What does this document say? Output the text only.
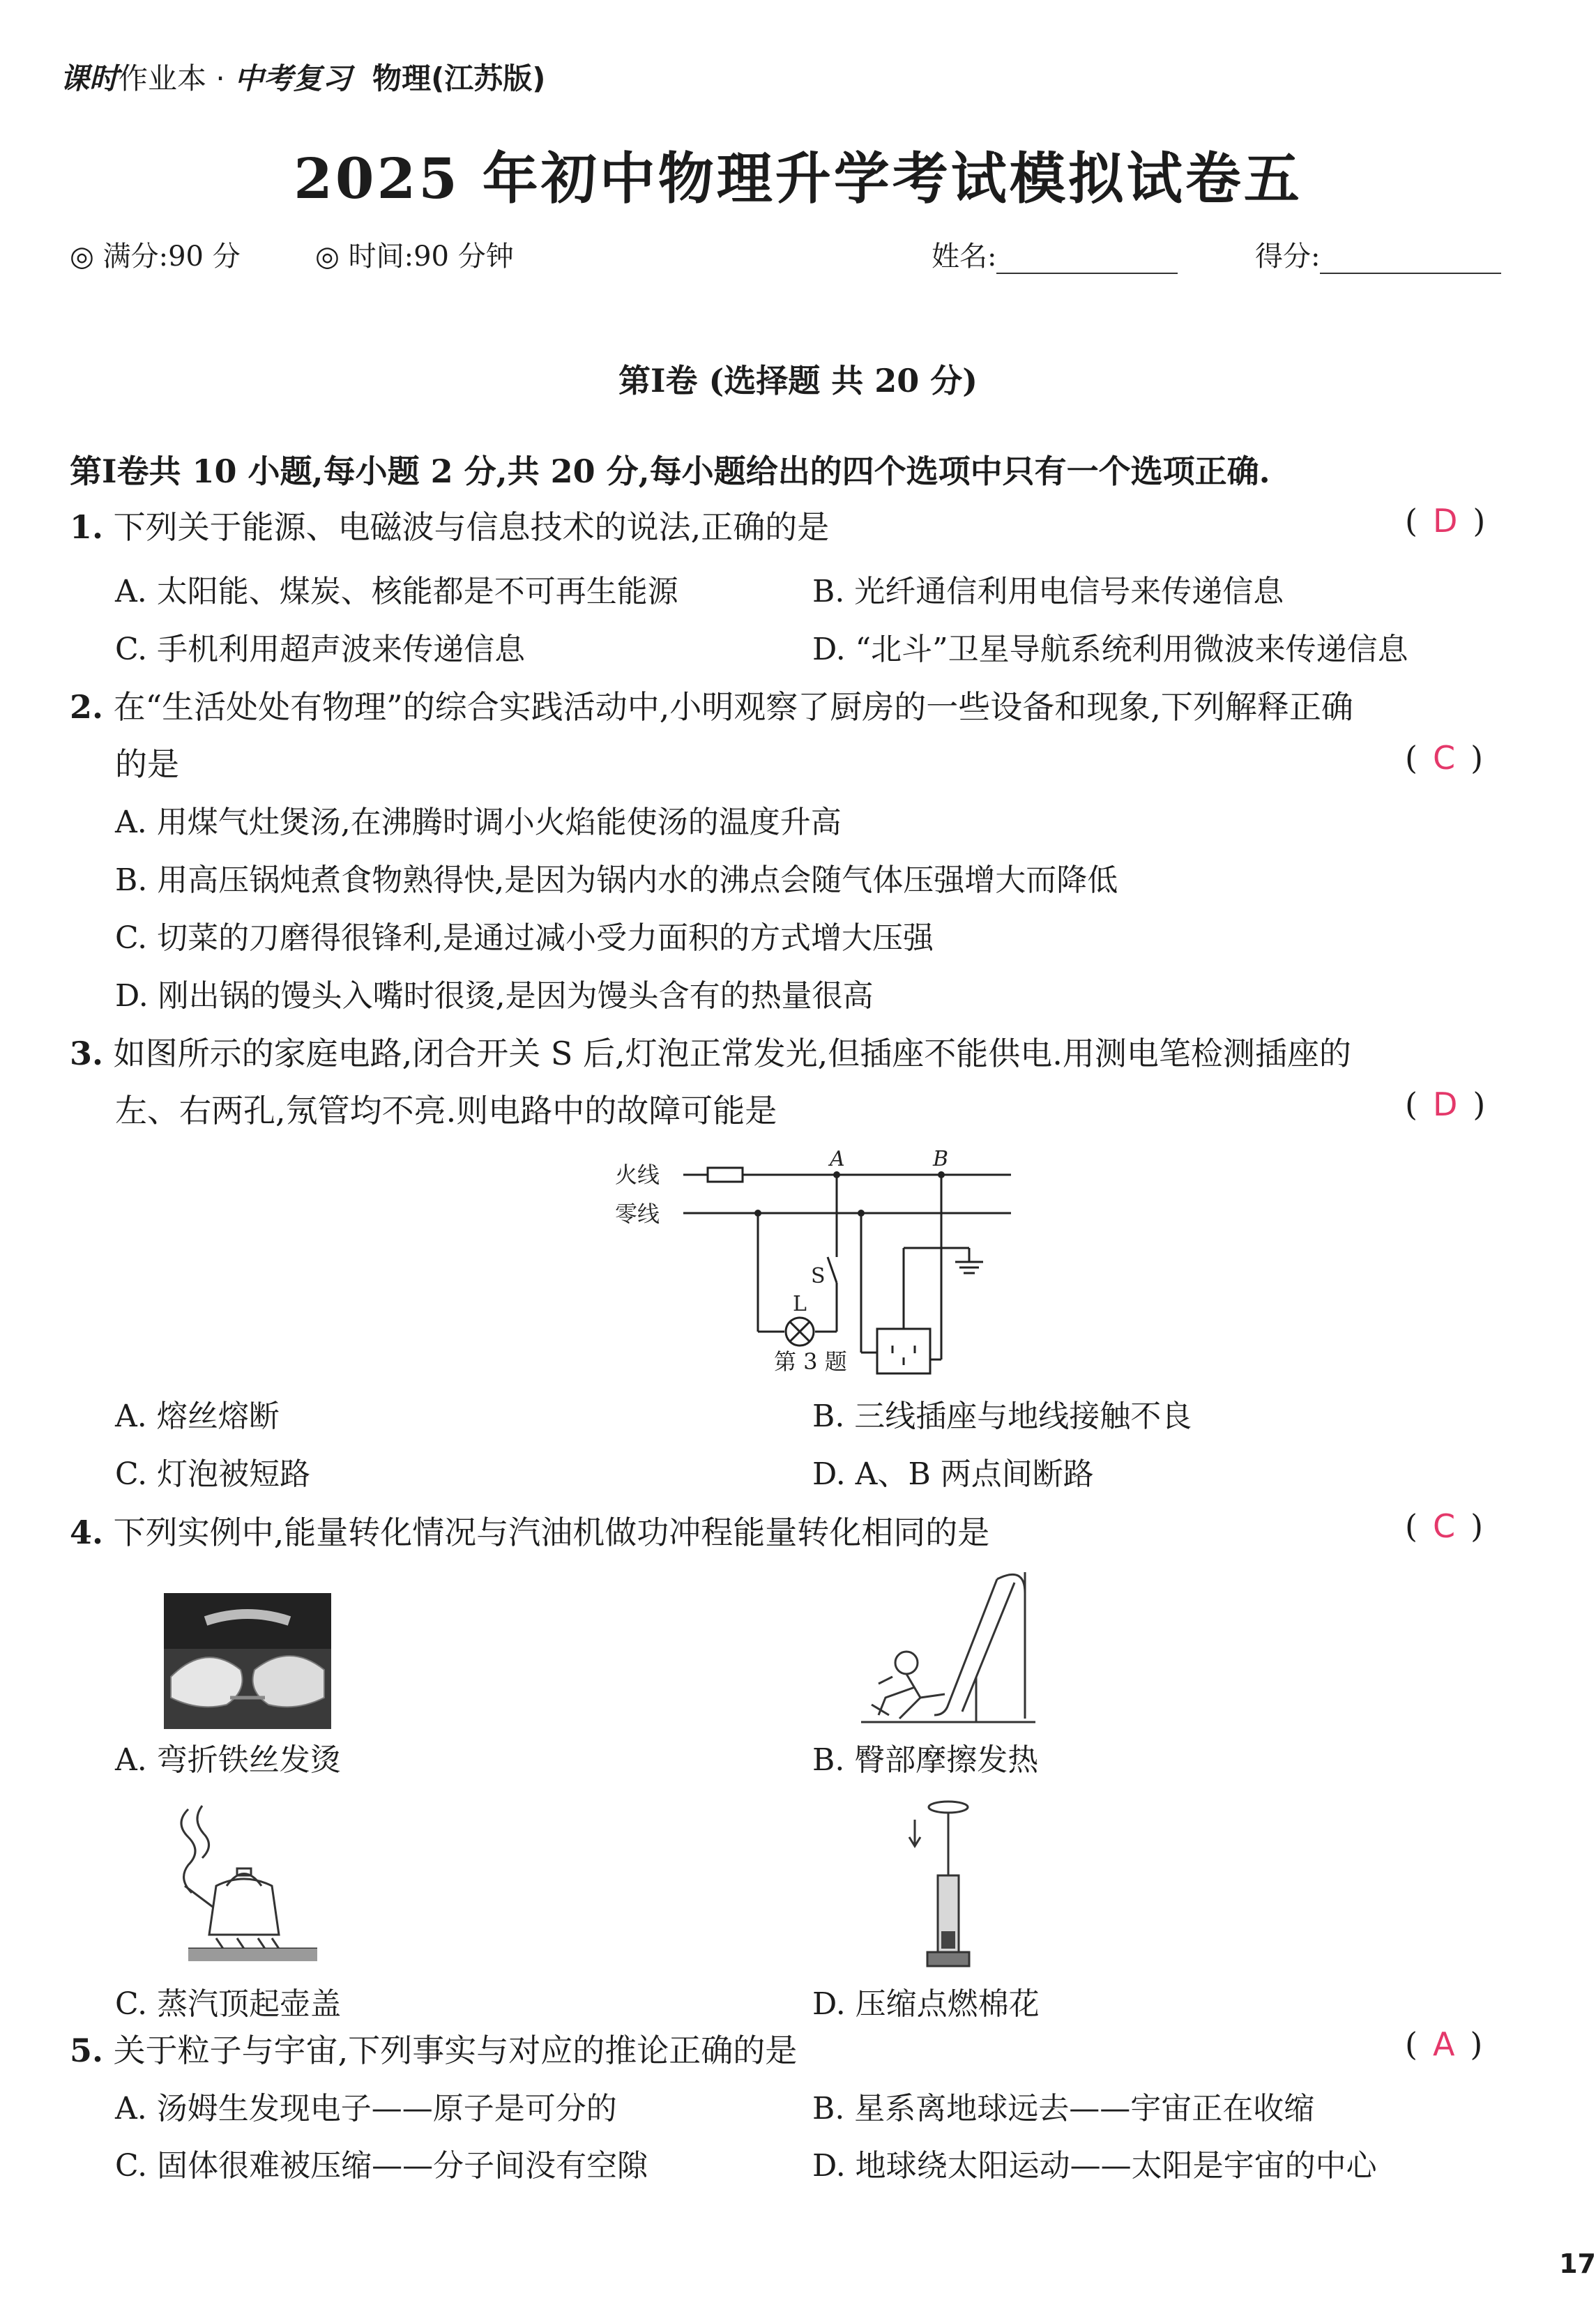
课时作业本 · 中考复习 物理(江苏版)
2025 年初中物理升学考试模拟试卷五
◎ 满分:90 分	◎ 时间:90 分钟	姓名:	得分:
第Ⅰ卷 (选择题 共 20 分)
第Ⅰ卷共 10 小题,每小题 2 分,共 20 分,每小题给出的四个选项中只有一个选项正确.
1. 下列关于能源、电磁波与信息技术的说法,正确的是	( D )
A. 太阳能、煤炭、核能都是不可再生能源	B. 光纤通信利用电信号来传递信息
C. 手机利用超声波来传递信息	D. “北斗”卫星导航系统利用微波来传递信息
2. 在“生活处处有物理”的综合实践活动中,小明观察了厨房的一些设备和现象,下列解释正确
的是	( C )
A. 用煤气灶煲汤,在沸腾时调小火焰能使汤的温度升高
B. 用高压锅炖煮食物熟得快,是因为锅内水的沸点会随气体压强增大而降低
C. 切菜的刀磨得很锋利,是通过减小受力面积的方式增大压强
D. 刚出锅的馒头入嘴时很烫,是因为馒头含有的热量很高
3. 如图所示的家庭电路,闭合开关 S 后,灯泡正常发光,但插座不能供电.用测电笔检测插座的
左、右两孔,氖管均不亮.则电路中的故障可能是	( D )
火线
零线
A	B
S
L
第 3 题
A. 熔丝熔断	B. 三线插座与地线接触不良
C. 灯泡被短路	D. A、B 两点间断路
4. 下列实例中,能量转化情况与汽油机做功冲程能量转化相同的是	( C )
A. 弯折铁丝发烫	B. 臀部摩擦发热
C. 蒸汽顶起壶盖	D. 压缩点燃棉花
5. 关于粒子与宇宙,下列事实与对应的推论正确的是	( A )
A. 汤姆生发现电子——原子是可分的	B. 星系离地球远去——宇宙正在收缩
C. 固体很难被压缩——分子间没有空隙	D. 地球绕太阳运动——太阳是宇宙的中心
17
